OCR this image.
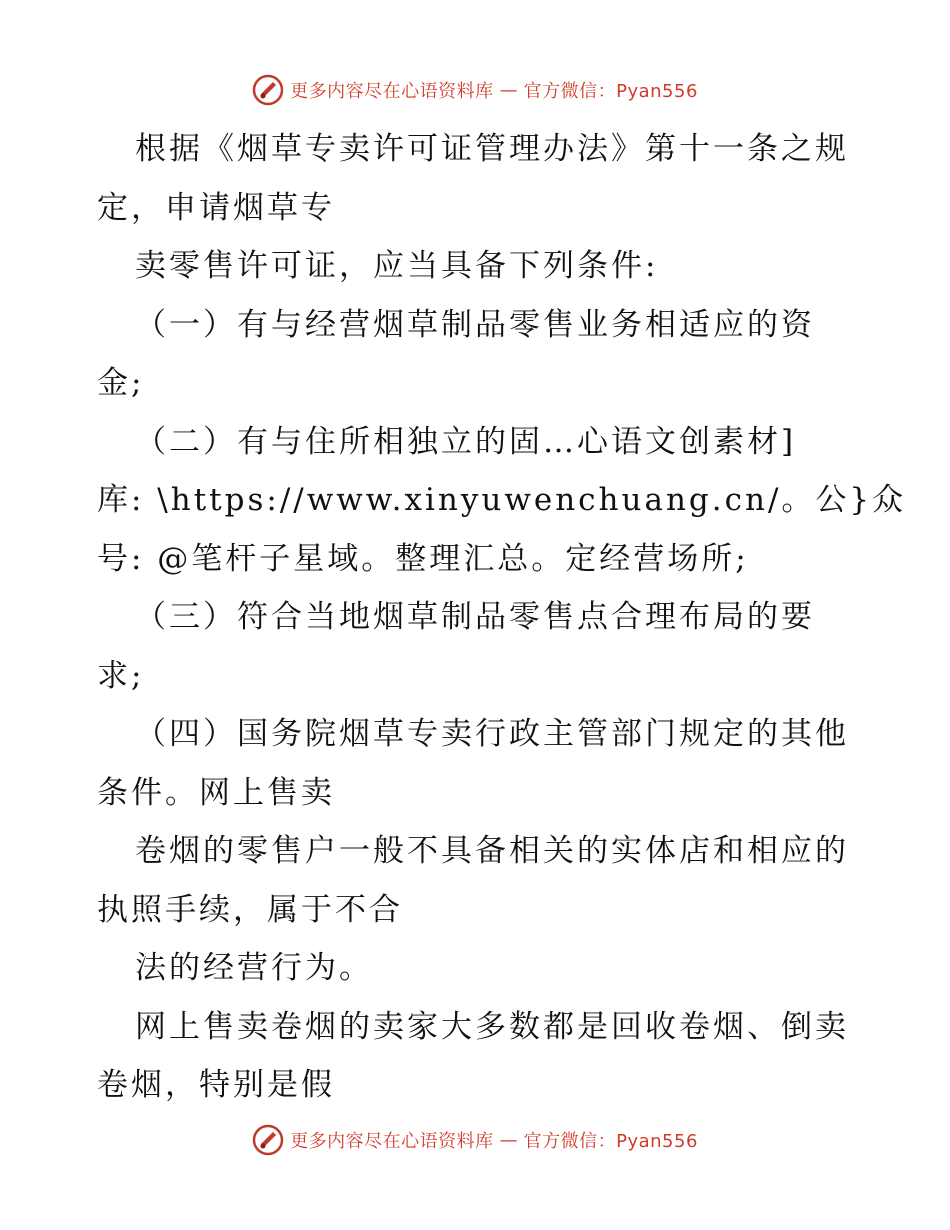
更多内容尽在心语资料库 — 官方微信：Pyan556
根据《烟草专卖许可证管理办法》第十一条之规
定，申请烟草专
卖零售许可证，应当具备下列条件:
（一）有与经营烟草制品零售业务相适应的资
金;
（二）有与住所相独立的固…心语文创素材]
库: \https://www.xinyuwenchuang.cn/。公}众
号: @笔杆子星域。整理汇总。定经营场所;
（三）符合当地烟草制品零售点合理布局的要
求;
（四）国务院烟草专卖行政主管部门规定的其他
条件。网上售卖
卷烟的零售户一般不具备相关的实体店和相应的
执照手续，属于不合
法的经营行为。
网上售卖卷烟的卖家大多数都是回收卷烟、倒卖
卷烟，特别是假
更多内容尽在心语资料库 — 官方微信：Pyan556
